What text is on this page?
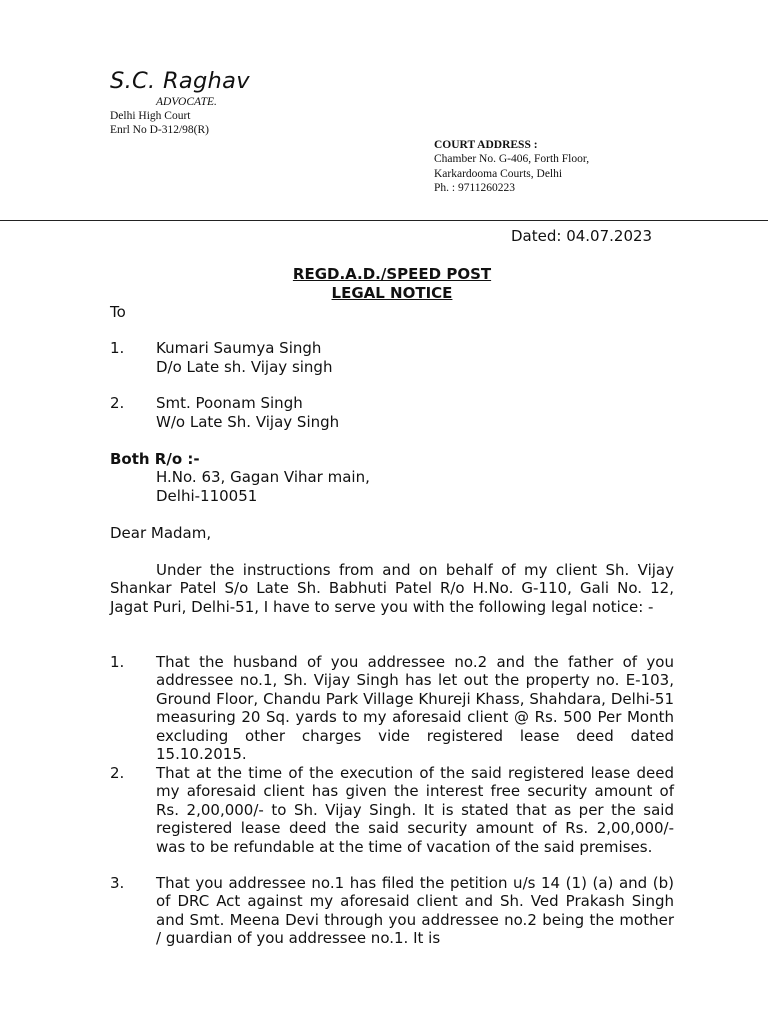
S.C. Raghav
ADVOCATE.
Delhi High Court
Enrl No D-312/98(R)
COURT ADDRESS :
Chamber No. G-406, Forth Floor,
Karkardooma Courts, Delhi
Ph. : 9711260223
Dated: 04.07.2023
REGD.A.D./SPEED POST
LEGAL NOTICE
To
1. Kumari Saumya Singh
D/o Late sh. Vijay singh
2. Smt. Poonam Singh
W/o Late Sh. Vijay Singh
Both R/o :-
H.No. 63, Gagan Vihar main,
Delhi-110051
Dear Madam,
Under the instructions from and on behalf of my client Sh. Vijay Shankar Patel S/o Late Sh. Babhuti Patel R/o H.No. G-110, Gali No. 12, Jagat Puri, Delhi-51, I have to serve you with the following legal notice: -
1. That the husband of you addressee no.2 and the father of you addressee no.1, Sh. Vijay Singh has let out the property no. E-103, Ground Floor, Chandu Park Village Khureji Khass, Shahdara, Delhi-51 measuring 20 Sq. yards to my aforesaid client @ Rs. 500 Per Month excluding other charges vide registered lease deed dated 15.10.2015.
2. That at the time of the execution of the said registered lease deed my aforesaid client has given the interest free security amount of Rs. 2,00,000/- to Sh. Vijay Singh. It is stated that as per the said registered lease deed the said security amount of Rs. 2,00,000/- was to be refundable at the time of vacation of the said premises.
3. That you addressee no.1 has filed the petition u/s 14 (1) (a) and (b) of DRC Act against my aforesaid client and Sh. Ved Prakash Singh and Smt. Meena Devi through you addressee no.2 being the mother / guardian of you addressee no.1. It is
